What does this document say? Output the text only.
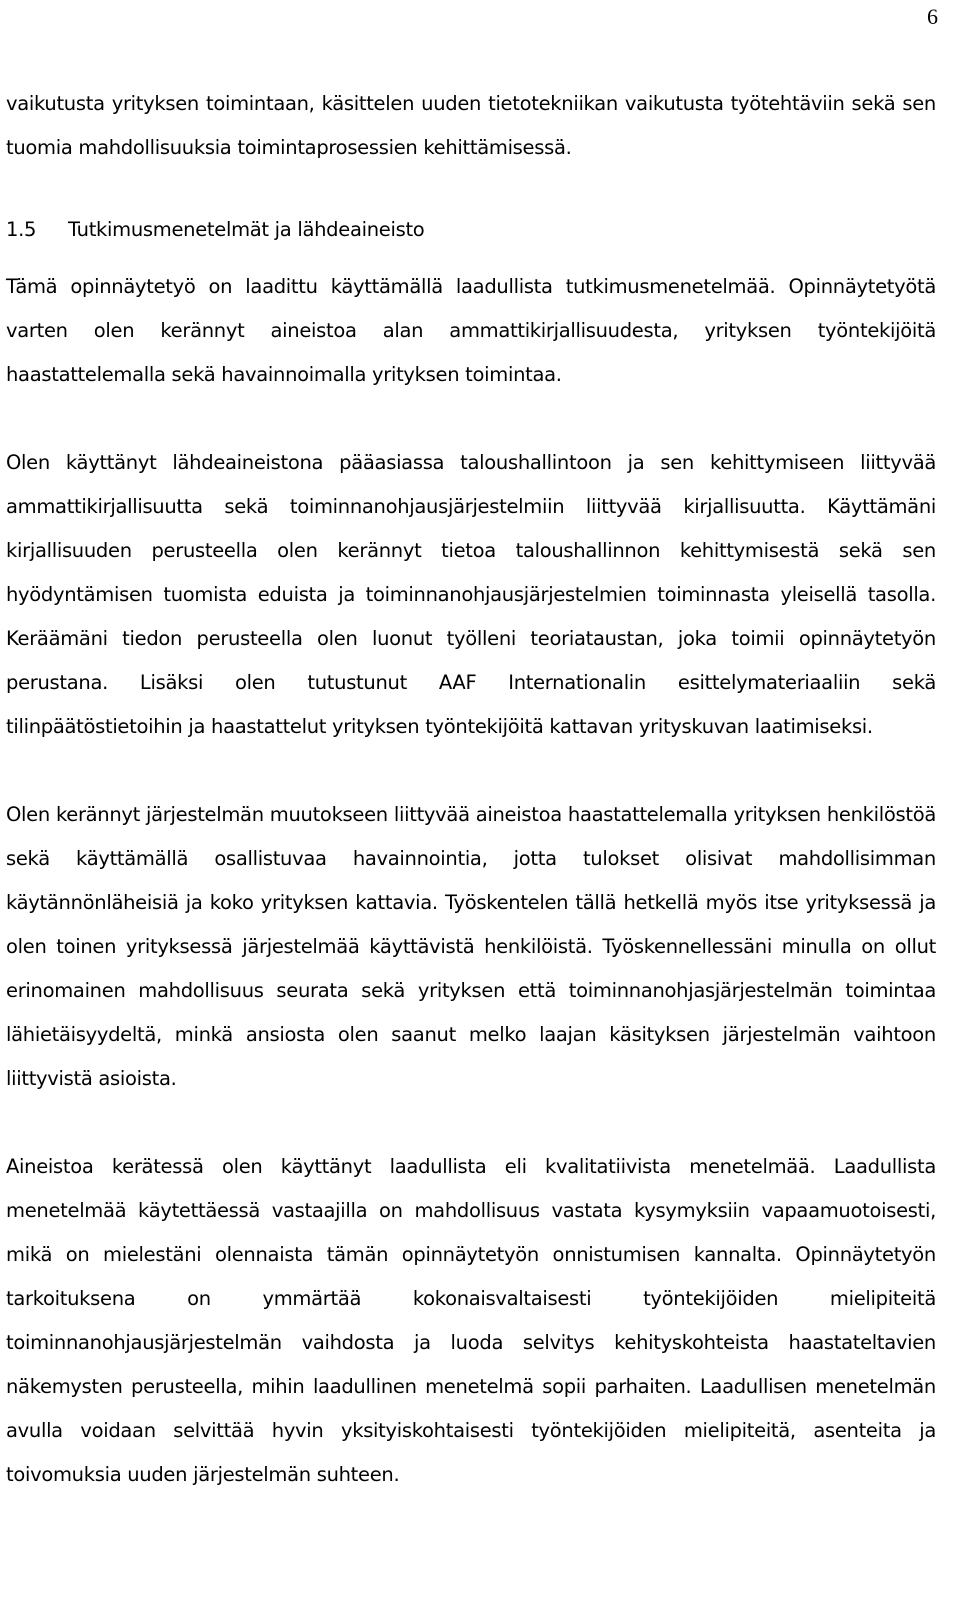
6

vaikutusta yrityksen toimintaan, käsittelen uuden tietotekniikan vaikutusta työtehtäviin sekä sen tuomia mahdollisuuksia toimintaprosessien kehittämisessä.

1.5 Tutkimusmenetelmät ja lähdeaineisto

Tämä opinnäytetyö on laadittu käyttämällä laadullista tutkimusmenetelmää. Opinnäytetyötä varten olen kerännyt aineistoa alan ammattikirjallisuudesta, yrityksen työntekijöitä haastattelemalla sekä havainnoimalla yrityksen toimintaa.

Olen käyttänyt lähdeaineistona pääasiassa taloushallintoon ja sen kehittymiseen liittyvää ammattikirjallisuutta sekä toiminnanohjausjärjestelmiin liittyvää kirjallisuutta. Käyttämäni kirjallisuuden perusteella olen kerännyt tietoa taloushallinnon kehittymisestä sekä sen hyödyntämisen tuomista eduista ja toiminnanohjausjärjestelmien toiminnasta yleisellä tasolla. Keräämäni tiedon perusteella olen luonut työlleni teoriataustan, joka toimii opinnäytetyön perustana. Lisäksi olen tutustunut AAF Internationalin esittelymateriaaliin sekä tilinpäätöstietoihin ja haastattelut yrityksen työntekijöitä kattavan yrityskuvan laatimiseksi.

Olen kerännyt järjestelmän muutokseen liittyvää aineistoa haastattelemalla yrityksen henkilöstöä sekä käyttämällä osallistuvaa havainnointia, jotta tulokset olisivat mahdollisimman käytännönläheisiä ja koko yrityksen kattavia. Työskentelen tällä hetkellä myös itse yrityksessä ja olen toinen yrityksessä järjestelmää käyttävistä henkilöistä. Työskennellessäni minulla on ollut erinomainen mahdollisuus seurata sekä yrityksen että toiminnanohjasjärjestelmän toimintaa lähietäisyydeltä, minkä ansiosta olen saanut melko laajan käsityksen järjestelmän vaihtoon liittyvistä asioista.

Aineistoa kerätessä olen käyttänyt laadullista eli kvalitatiivista menetelmää. Laadullista menetelmää käytettäessä vastaajilla on mahdollisuus vastata kysymyksiin vapaamuotoisesti, mikä on mielestäni olennaista tämän opinnäytetyön onnistumisen kannalta. Opinnäytetyön tarkoituksena on ymmärtää kokonaisvaltaisesti työntekijöiden mielipiteitä toiminnanohjausjärjestelmän vaihdosta ja luoda selvitys kehityskohteista haastateltavien näkemysten perusteella, mihin laadullinen menetelmä sopii parhaiten. Laadullisen menetelmän avulla voidaan selvittää hyvin yksityiskohtaisesti työntekijöiden mielipiteitä, asenteita ja toivomuksia uuden järjestelmän suhteen.
